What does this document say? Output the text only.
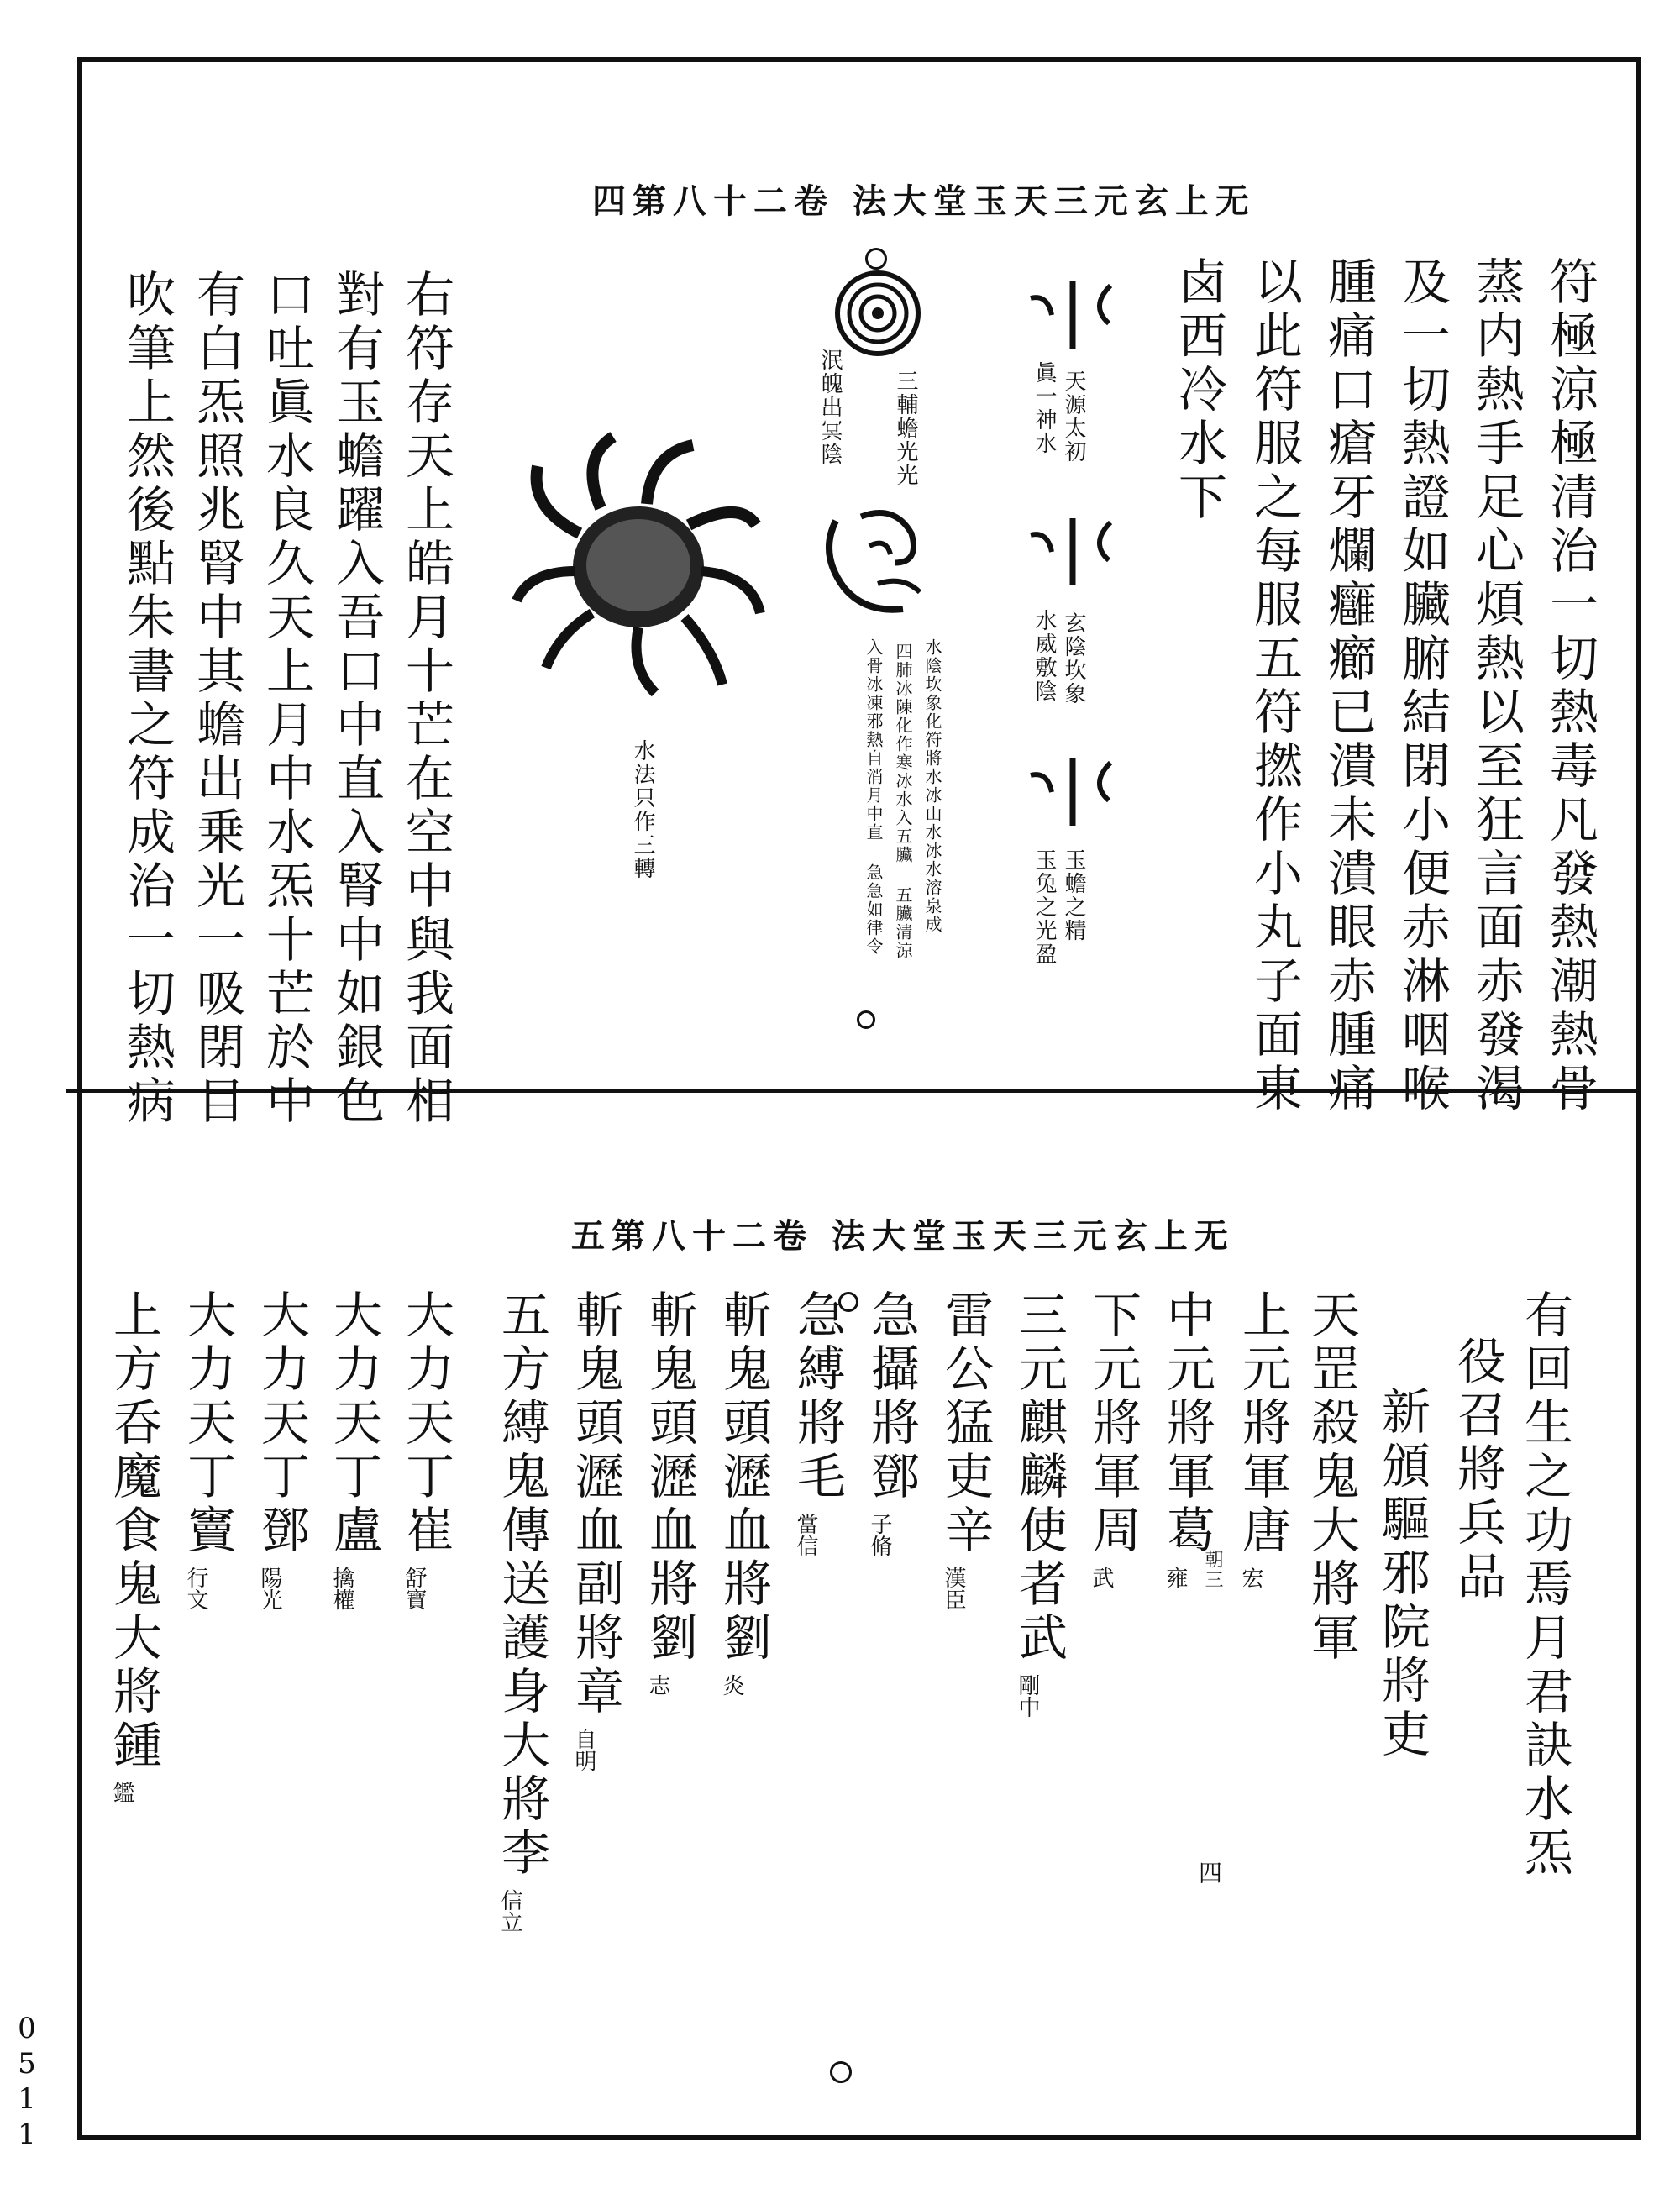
无上玄元三天玉堂大法 卷二十八第四
符極涼極清治一切熱毒凡發熱潮熱骨
蒸内熱手足心煩熱以至狂言面赤發渴
及一切熱證如臟腑結閉小便赤淋咽喉
腫痛口瘡牙爛癰癤已潰未潰眼赤腫痛
以此符服之每服五符撚作小丸子面東
卤西冷水下
天源太初
眞一神水
玄陰坎象
水威敷陰
玉蟾之精
玉兔之光盈
三輔蟾光光
泯魄出冥陰
水陰坎象化符將水冰山水冰水溶泉成
四肺冰陳化作寒冰水入五臟 五臟清涼
入骨冰凍邪熱自消月中直 急急如律令
水法只作三轉
右符存天上皓月十芒在空中與我面相
對有玉蟾躍入吾口中直入腎中如銀色
口吐眞水良久天上月中水炁十芒於中
有白炁照兆腎中其蟾出乗光一吸閉目
吹筆上然後點朱書之符成治一切熱病
无上玄元三天玉堂大法 卷二十八第五
有回生之功焉月君訣水炁
役召將兵品
新頒驅邪院將吏
天罡殺鬼大將軍
上元將軍唐
宏
中元將軍葛
雍
下元將軍周
武
三元麒麟使者武
剛中
雷公猛吏辛
漢臣
急攝將鄧
子脩
急縛將毛
當信
斬鬼頭瀝血將劉
炎
斬鬼頭瀝血將劉
志
斬鬼頭瀝血副將章
自明
五方縛鬼傳送護身大將李
信立
大力天丁崔
舒寶
大力天丁盧
擒權
大力天丁鄧
陽光
大力天丁竇
行文
上方呑魔食鬼大將鍾
鑑
朝三
四
0511
